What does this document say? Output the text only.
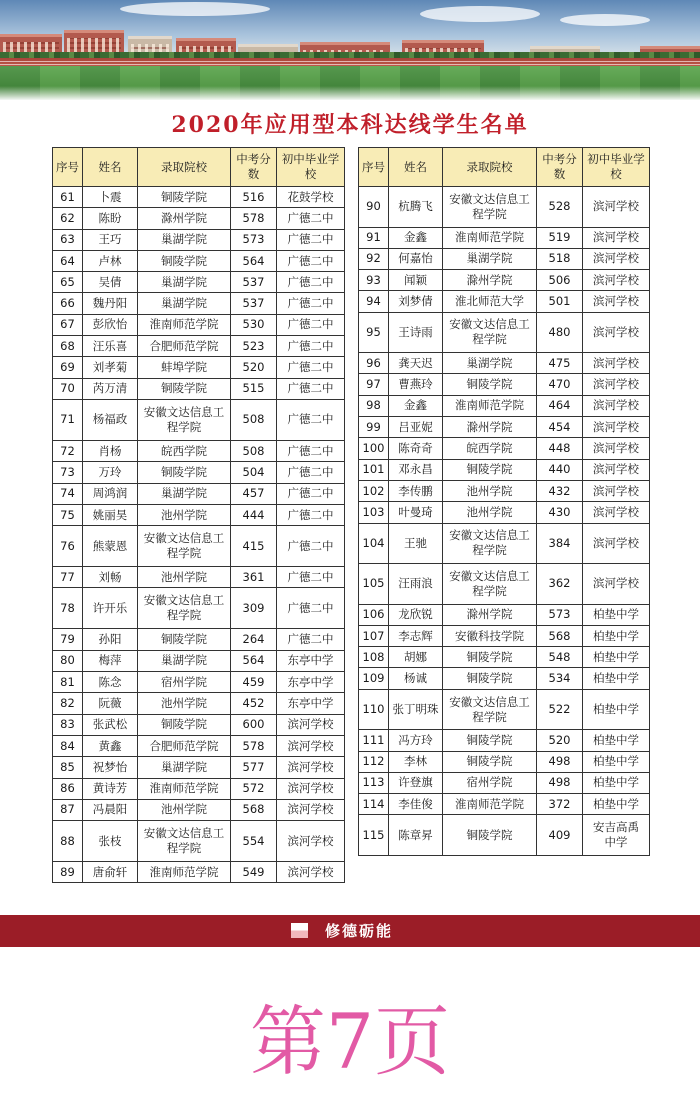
2020年应用型本科达线学生名单
序号	姓名	录取院校	中考分数	初中毕业学校
61	卜震	铜陵学院	516	花鼓学校
62	陈盼	滁州学院	578	广德二中
63	王巧	巢湖学院	573	广德二中
64	卢林	铜陵学院	564	广德二中
65	吴倩	巢湖学院	537	广德二中
66	魏丹阳	巢湖学院	537	广德二中
67	彭欣怡	淮南师范学院	530	广德二中
68	汪乐喜	合肥师范学院	523	广德二中
69	刘孝菊	蚌埠学院	520	广德二中
70	芮万清	铜陵学院	515	广德二中
71	杨福政	安徽文达信息工程学院	508	广德二中
72	肖杨	皖西学院	508	广德二中
73	万玲	铜陵学院	504	广德二中
74	周鸿润	巢湖学院	457	广德二中
75	姚丽昊	池州学院	444	广德二中
76	熊蒙恩	安徽文达信息工程学院	415	广德二中
77	刘畅	池州学院	361	广德二中
78	许开乐	安徽文达信息工程学院	309	广德二中
79	孙阳	铜陵学院	264	广德二中
80	梅萍	巢湖学院	564	东亭中学
81	陈念	宿州学院	459	东亭中学
82	阮薇	池州学院	452	东亭中学
83	张武松	铜陵学院	600	滨河学校
84	黄鑫	合肥师范学院	578	滨河学校
85	祝梦怡	巢湖学院	577	滨河学校
86	黄诗芳	淮南师范学院	572	滨河学校
87	冯晨阳	池州学院	568	滨河学校
88	张枝	安徽文达信息工程学院	554	滨河学校
89	唐俞轩	淮南师范学院	549	滨河学校
序号	姓名	录取院校	中考分数	初中毕业学校
90	杭腾飞	安徽文达信息工程学院	528	滨河学校
91	金鑫	淮南师范学院	519	滨河学校
92	何嘉怡	巢湖学院	518	滨河学校
93	闻颖	滁州学院	506	滨河学校
94	刘梦倩	淮北师范大学	501	滨河学校
95	王诗雨	安徽文达信息工程学院	480	滨河学校
96	龚天迟	巢湖学院	475	滨河学校
97	曹燕玲	铜陵学院	470	滨河学校
98	金鑫	淮南师范学院	464	滨河学校
99	吕亚妮	滁州学院	454	滨河学校
100	陈奇奇	皖西学院	448	滨河学校
101	邓永昌	铜陵学院	440	滨河学校
102	李传鹏	池州学院	432	滨河学校
103	叶曼琦	池州学院	430	滨河学校
104	王驰	安徽文达信息工程学院	384	滨河学校
105	汪雨浪	安徽文达信息工程学院	362	滨河学校
106	龙欣锐	滁州学院	573	柏垫中学
107	李志辉	安徽科技学院	568	柏垫中学
108	胡娜	铜陵学院	548	柏垫中学
109	杨诚	铜陵学院	534	柏垫中学
110	张丁明珠	安徽文达信息工程学院	522	柏垫中学
111	冯方玲	铜陵学院	520	柏垫中学
112	李林	铜陵学院	498	柏垫中学
113	许登旗	宿州学院	498	柏垫中学
114	李佳俊	淮南师范学院	372	柏垫中学
115	陈章昇	铜陵学院	409	安吉高禹中学
修德砺能
第7页
